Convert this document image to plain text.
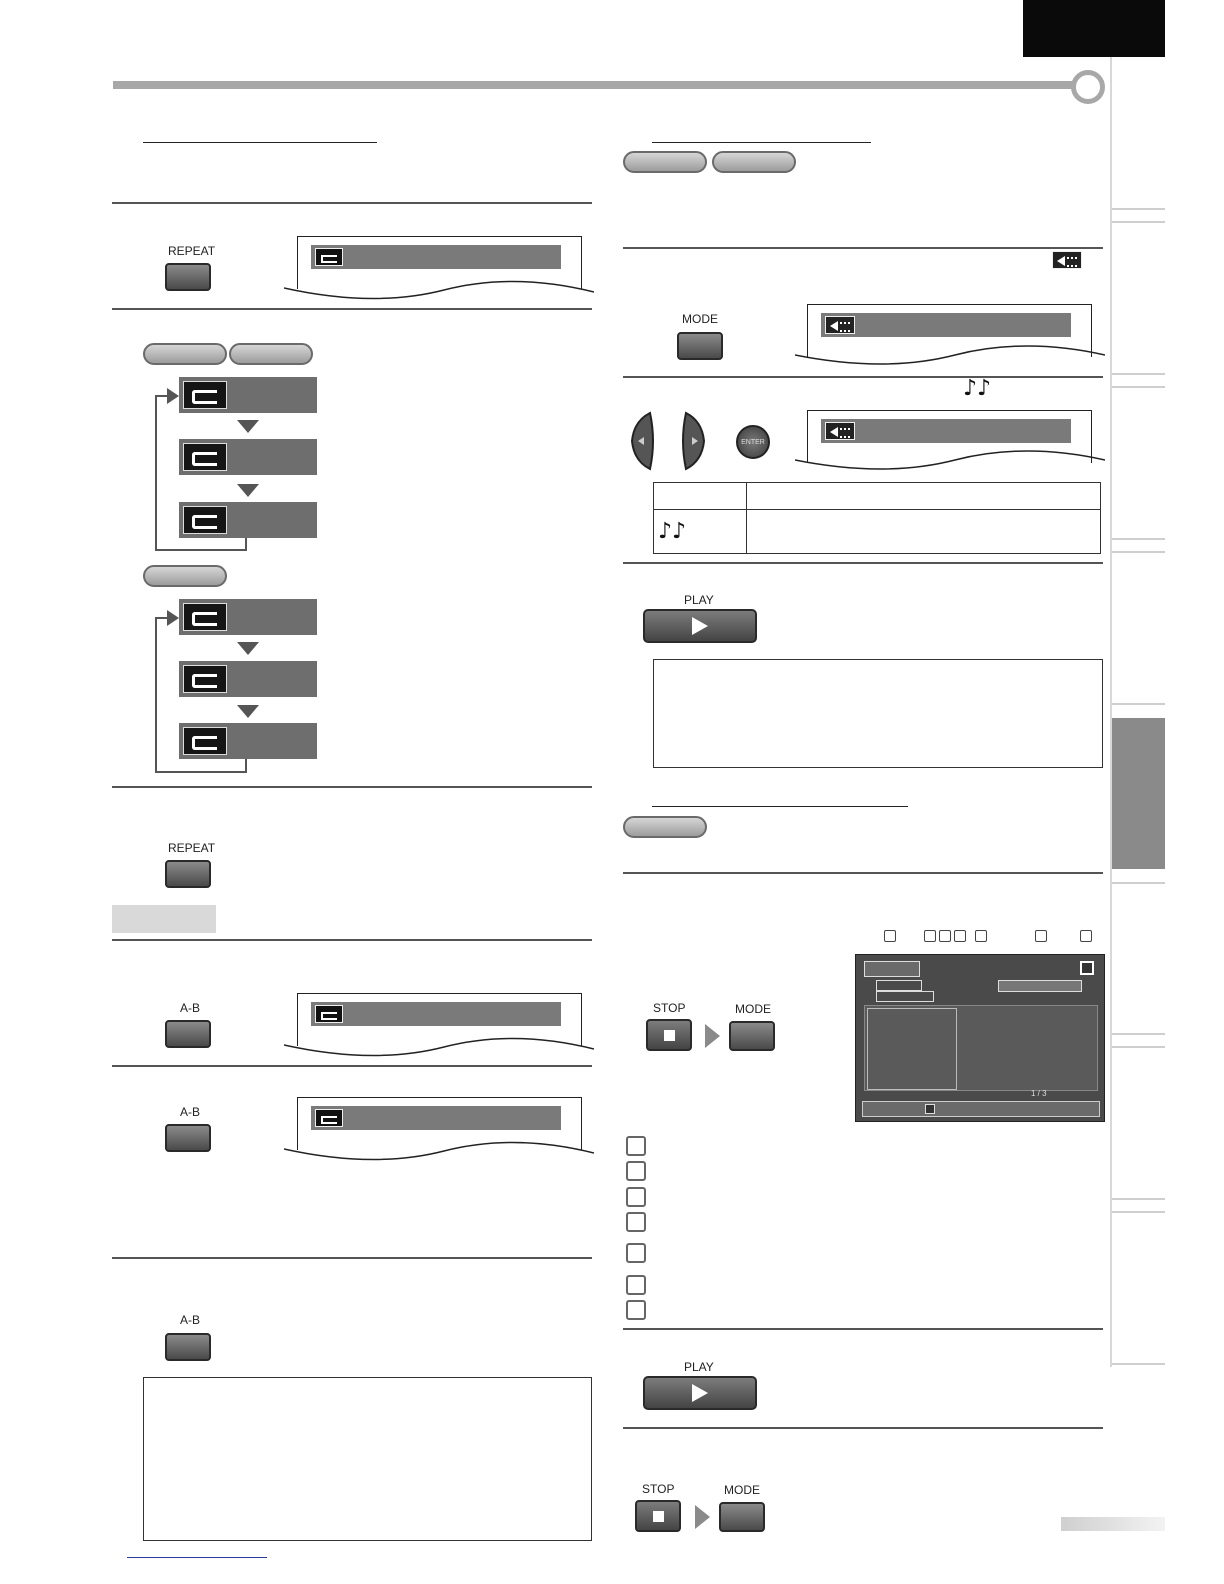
REPEAT
REPEAT
A-B
A-B
A-B
MODE
♪♪
ENTER

♪♪	
PLAY
STOP	MODE
1 / 3
PLAY
STOP	MODE
